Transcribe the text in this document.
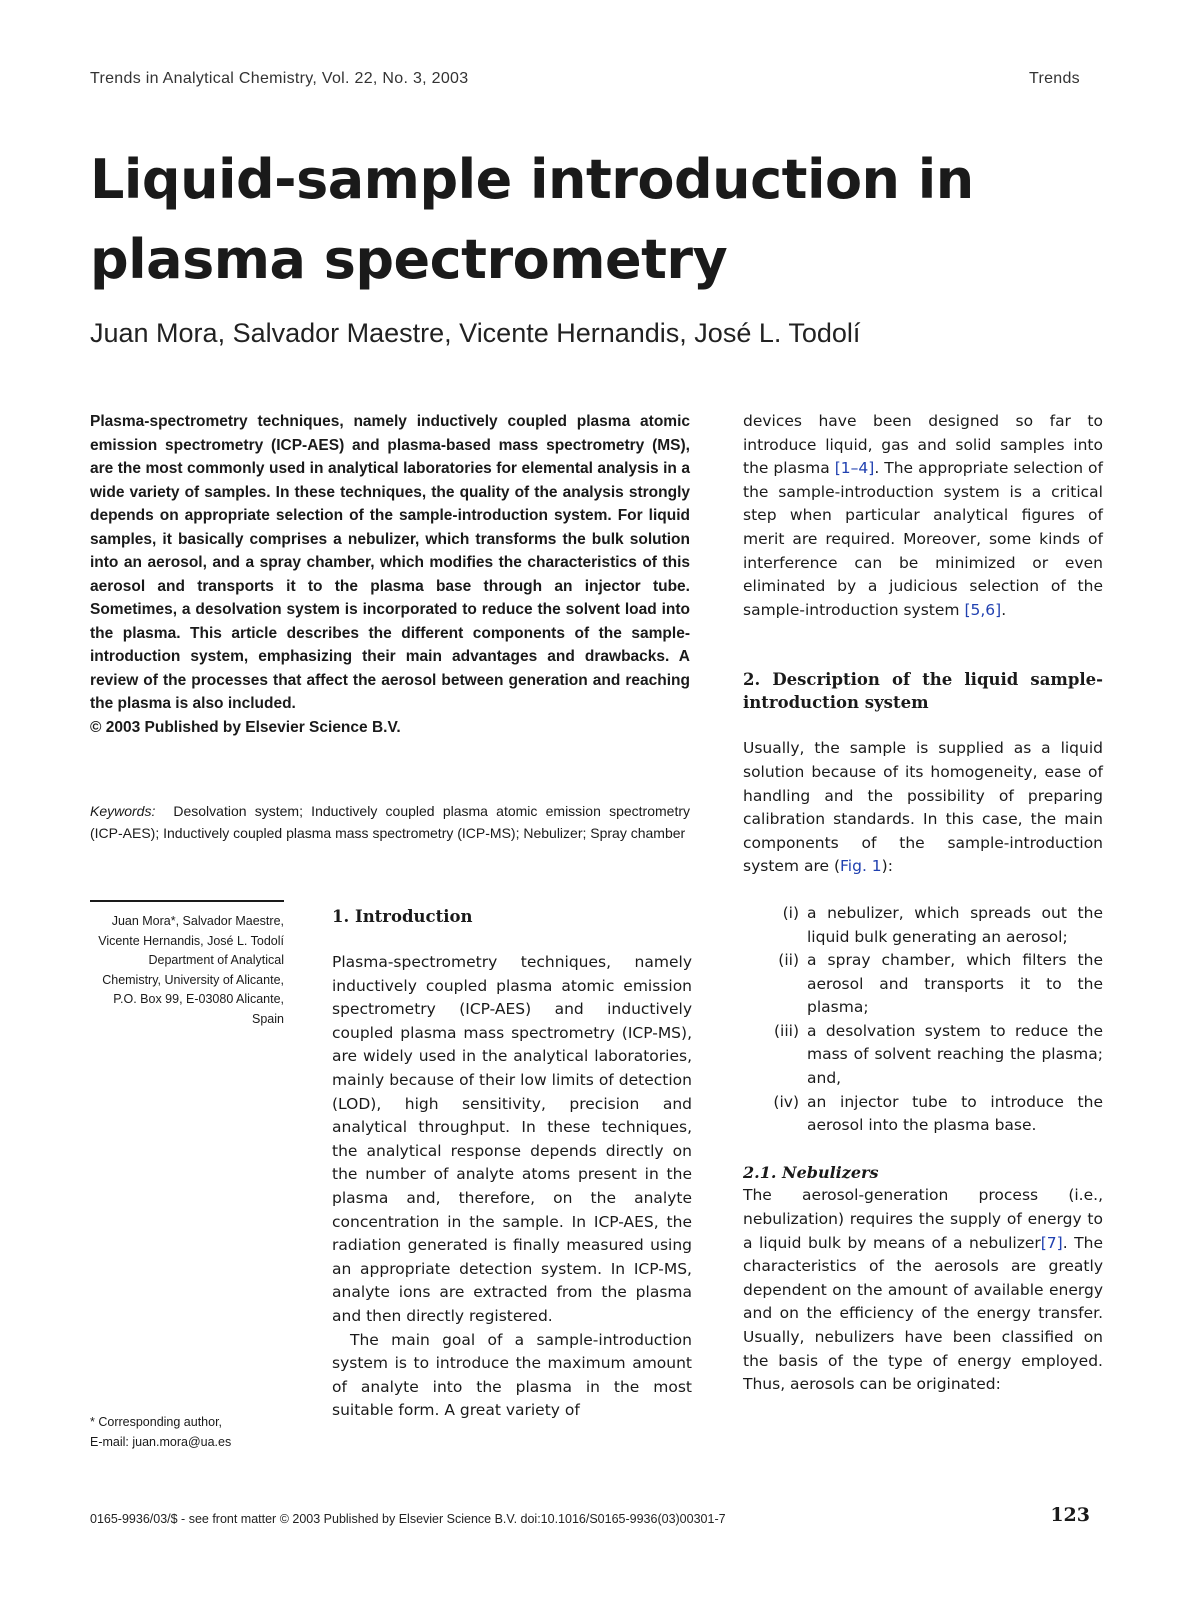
Trends in Analytical Chemistry, Vol. 22, No. 3, 2003	Trends
Liquid-sample introduction in plasma spectrometry
Juan Mora, Salvador Maestre, Vicente Hernandis, José L. Todolí
Plasma-spectrometry techniques, namely inductively coupled plasma atomic emission spectrometry (ICP-AES) and plasma-based mass spectrometry (MS), are the most commonly used in analytical laboratories for elemental analysis in a wide variety of samples. In these techniques, the quality of the analysis strongly depends on appropriate selection of the sample-introduction system. For liquid samples, it basically comprises a nebulizer, which transforms the bulk solution into an aerosol, and a spray chamber, which modifies the characteristics of this aerosol and transports it to the plasma base through an injector tube. Sometimes, a desolvation system is incorporated to reduce the solvent load into the plasma. This article describes the different components of the sample-introduction system, emphasizing their main advantages and drawbacks. A review of the processes that affect the aerosol between generation and reaching the plasma is also included.
© 2003 Published by Elsevier Science B.V.
Keywords: Desolvation system; Inductively coupled plasma atomic emission spectrometry (ICP-AES); Inductively coupled plasma mass spectrometry (ICP-MS); Nebulizer; Spray chamber
Juan Mora*, Salvador Maestre, Vicente Hernandis, José L. Todolí
Department of Analytical Chemistry, University of Alicante, P.O. Box 99, E-03080 Alicante, Spain
* Corresponding author,
E-mail: juan.mora@ua.es
1. Introduction

Plasma-spectrometry techniques, namely inductively coupled plasma atomic emission spectrometry (ICP-AES) and inductively coupled plasma mass spectrometry (ICP-MS), are widely used in the analytical laboratories, mainly because of their low limits of detection (LOD), high sensitivity, precision and analytical throughput. In these techniques, the analytical response depends directly on the number of analyte atoms present in the plasma and, therefore, on the analyte concentration in the sample. In ICP-AES, the radiation generated is finally measured using an appropriate detection system. In ICP-MS, analyte ions are extracted from the plasma and then directly registered.

The main goal of a sample-introduction system is to introduce the maximum amount of analyte into the plasma in the most suitable form. A great variety of

devices have been designed so far to introduce liquid, gas and solid samples into the plasma [1–4]. The appropriate selection of the sample-introduction system is a critical step when particular analytical figures of merit are required. Moreover, some kinds of interference can be minimized or even eliminated by a judicious selection of the sample-introduction system [5,6].

2. Description of the liquid sample-introduction system

Usually, the sample is supplied as a liquid solution because of its homogeneity, ease of handling and the possibility of preparing calibration standards. In this case, the main components of the sample-introduction system are (Fig. 1):

(i) a nebulizer, which spreads out the liquid bulk generating an aerosol;
(ii) a spray chamber, which filters the aerosol and transports it to the plasma;
(iii) a desolvation system to reduce the mass of solvent reaching the plasma; and,
(iv) an injector tube to introduce the aerosol into the plasma base.
2.1. Nebulizers

The aerosol-generation process (i.e., nebulization) requires the supply of energy to a liquid bulk by means of a nebulizer[7]. The characteristics of the aerosols are greatly dependent on the amount of available energy and on the efficiency of the energy transfer. Usually, nebulizers have been classified on the basis of the type of energy employed. Thus, aerosols can be originated:

0165-9936/03/$ - see front matter © 2003 Published by Elsevier Science B.V. doi:10.1016/S0165-9936(03)00301-7	123
